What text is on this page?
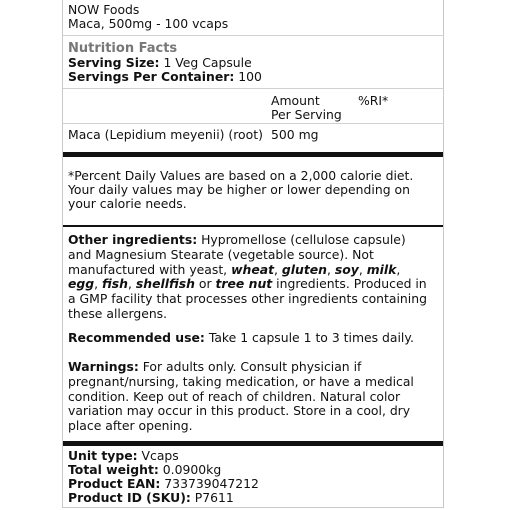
NOW Foods
Maca, 500mg - 100 vcaps
Nutrition Facts
Serving Size: 1 Veg Capsule
Servings Per Container: 100
Amount
Per Serving
%RI*
Maca (Lepidium meyenii) (root) 500 mg
*Percent Daily Values are based on a 2,000 calorie diet.
Your daily values may be higher or lower depending on
your calorie needs.

Other ingredients: Hypromellose (cellulose capsule)

and Magnesium Stearate (vegetable source). Not

manufactured with yeast, wheat, gluten, soy, milk,

egg, fish, shellfish or tree nut ingredients. Produced in

a GMP facility that processes other ingredients containing

these allergens.

Recommended use: Take 1 capsule 1 to 3 times daily.

Warnings: For adults only. Consult physician if

pregnant/nursing, taking medication, or have a medical

condition. Keep out of reach of children. Natural color

variation may occur in this product. Store in a cool, dry

place after opening.

Unit type: Vcaps
Total weight: 0.0900kg
Product EAN: 733739047212
Product ID (SKU): P7611
